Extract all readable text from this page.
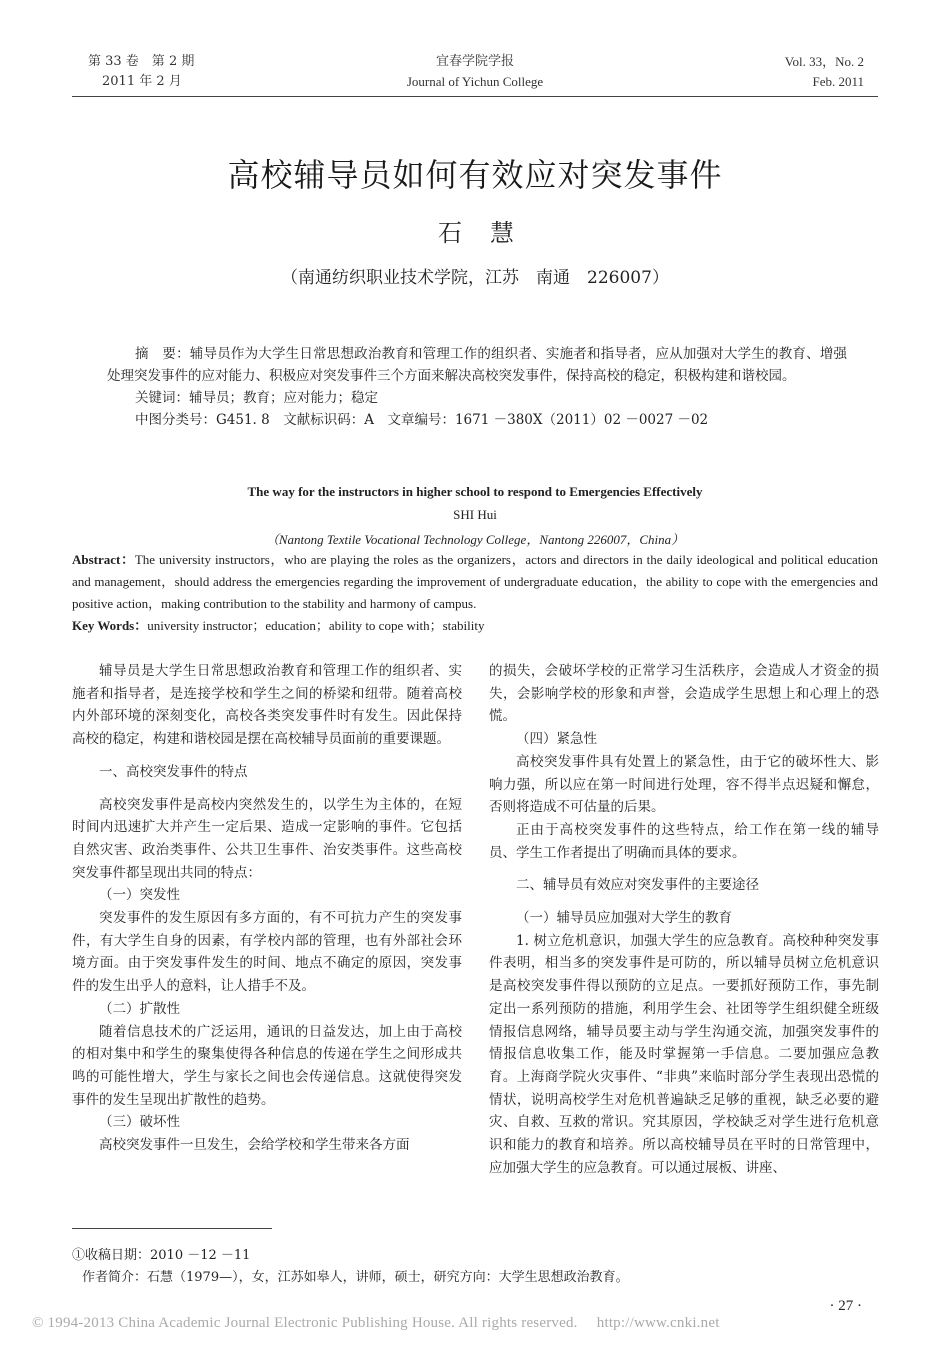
第 33 卷　第 2 期
2011 年 2 月
宜春学院学报
Journal of Yichun College
Vol. 33，No. 2
Feb. 2011
高校辅导员如何有效应对突发事件
石慧
（南通纺织职业技术学院，江苏　南通　226007）
摘　要：辅导员作为大学生日常思想政治教育和管理工作的组织者、实施者和指导者，应从加强对大学生的教育、增强处理突发事件的应对能力、积极应对突发事件三个方面来解决高校突发事件，保持高校的稳定，积极构建和谐校园。
关键词：辅导员；教育；应对能力；稳定
中图分类号：G451. 8　文献标识码：A　文章编号：1671 －380X（2011）02 －0027 －02
The way for the instructors in higher school to respond to Emergencies Effectively
SHI Hui
（Nantong Textile Vocational Technology College，Nantong 226007，China）
Abstract：The university instructors，who are playing the roles as the organizers，actors and directors in the daily ideological and political education and management，should address the emergencies regarding the improvement of undergraduate education，the ability to cope with the emergencies and positive action，making contribution to the stability and harmony of campus.
Key Words：university instructor；education；ability to cope with；stability

辅导员是大学生日常思想政治教育和管理工作的组织者、实施者和指导者，是连接学校和学生之间的桥梁和纽带。随着高校内外部环境的深刻变化，高校各类突发事件时有发生。因此保持高校的稳定，构建和谐校园是摆在高校辅导员面前的重要课题。

一、高校突发事件的特点

高校突发事件是高校内突然发生的，以学生为主体的，在短时间内迅速扩大并产生一定后果、造成一定影响的事件。它包括自然灾害、政治类事件、公共卫生事件、治安类事件。这些高校突发事件都呈现出共同的特点：

（一）突发性

突发事件的发生原因有多方面的，有不可抗力产生的突发事件，有大学生自身的因素，有学校内部的管理，也有外部社会环境方面。由于突发事件发生的时间、地点不确定的原因，突发事件的发生出乎人的意料，让人措手不及。

（二）扩散性

随着信息技术的广泛运用，通讯的日益发达，加上由于高校的相对集中和学生的聚集使得各种信息的传递在学生之间形成共鸣的可能性增大，学生与家长之间也会传递信息。这就使得突发事件的发生呈现出扩散性的趋势。

（三）破坏性

高校突发事件一旦发生，会给学校和学生带来各方面

的损失，会破坏学校的正常学习生活秩序，会造成人才资金的损失，会影响学校的形象和声誉，会造成学生思想上和心理上的恐慌。

（四）紧急性

高校突发事件具有处置上的紧急性，由于它的破坏性大、影响力强，所以应在第一时间进行处理，容不得半点迟疑和懈怠，否则将造成不可估量的后果。

正由于高校突发事件的这些特点，给工作在第一线的辅导员、学生工作者提出了明确而具体的要求。

二、辅导员有效应对突发事件的主要途径

（一）辅导员应加强对大学生的教育

1. 树立危机意识，加强大学生的应急教育。高校种种突发事件表明，相当多的突发事件是可防的，所以辅导员树立危机意识是高校突发事件得以预防的立足点。一要抓好预防工作，事先制定出一系列预防的措施，利用学生会、社团等学生组织健全班级情报信息网络，辅导员要主动与学生沟通交流，加强突发事件的情报信息收集工作，能及时掌握第一手信息。二要加强应急教育。上海商学院火灾事件、“非典”来临时部分学生表现出恐慌的情状，说明高校学生对危机普遍缺乏足够的重视，缺乏必要的避灾、自救、互救的常识。究其原因，学校缺乏对学生进行危机意识和能力的教育和培养。所以高校辅导员在平时的日常管理中，应加强大学生的应急教育。可以通过展板、讲座、

①收稿日期：2010 －12 －11
作者简介：石慧（1979—），女，江苏如皋人，讲师，硕士，研究方向：大学生思想政治教育。
· 27 ·
© 1994-2013 China Academic Journal Electronic Publishing House. All rights reserved.　 http://www.cnki.net
